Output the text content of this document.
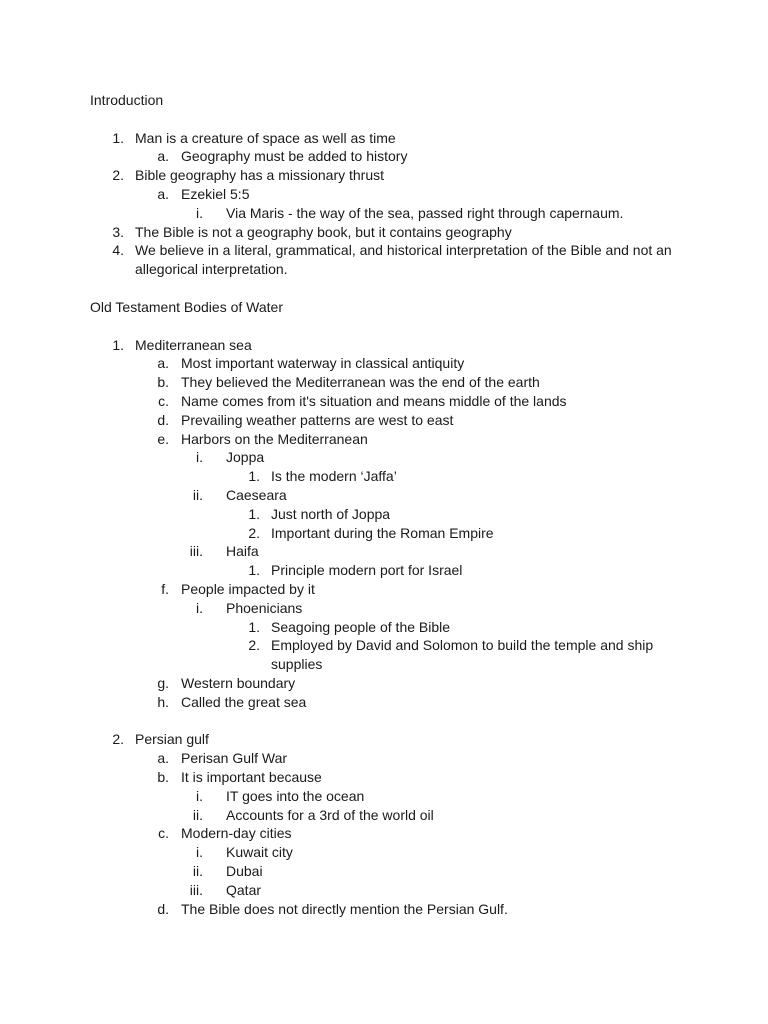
Introduction
1. Man is a creature of space as well as time
a. Geography must be added to history
2. Bible geography has a missionary thrust
a. Ezekiel 5:5
i. Via Maris - the way of the sea, passed right through capernaum.
3. The Bible is not a geography book, but it contains geography
4. We believe in a literal, grammatical, and historical interpretation of the Bible and not an
allegorical interpretation.
Old Testament Bodies of Water
1. Mediterranean sea
a. Most important waterway in classical antiquity
b. They believed the Mediterranean was the end of the earth
c. Name comes from it's situation and means middle of the lands
d. Prevailing weather patterns are west to east
e. Harbors on the Mediterranean
i. Joppa
1. Is the modern ‘Jaffa’
ii. Caeseara
1. Just north of Joppa
2. Important during the Roman Empire
iii. Haifa
1. Principle modern port for Israel
f. People impacted by it
i. Phoenicians
1. Seagoing people of the Bible
2. Employed by David and Solomon to build the temple and ship
supplies
g. Western boundary
h. Called the great sea
2. Persian gulf
a. Perisan Gulf War
b. It is important because
i. IT goes into the ocean
ii. Accounts for a 3rd of the world oil
c. Modern-day cities
i. Kuwait city
ii. Dubai
iii. Qatar
d. The Bible does not directly mention the Persian Gulf.
